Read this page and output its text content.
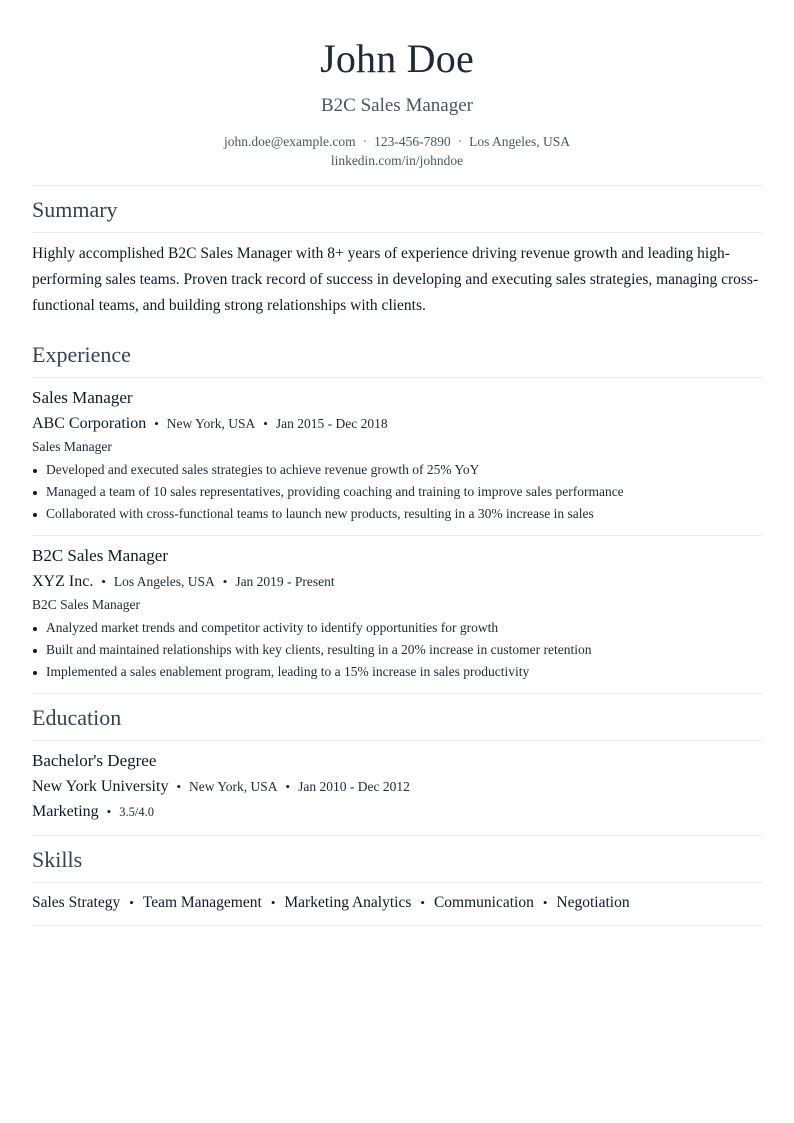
John Doe
B2C Sales Manager
john.doe@example.com · 123-456-7890 · Los Angeles, USA
linkedin.com/in/johndoe
Summary

Highly accomplished B2C Sales Manager with 8+ years of experience driving revenue growth and leading high-performing sales teams. Proven track record of success in developing and executing sales strategies, managing cross-functional teams, and building strong relationships with clients.

Experience
Sales Manager
ABC Corporation • New York, USA • Jan 2015 - Dec 2018
Sales Manager
Developed and executed sales strategies to achieve revenue growth of 25% YoY
Managed a team of 10 sales representatives, providing coaching and training to improve sales performance
Collaborated with cross-functional teams to launch new products, resulting in a 30% increase in sales
B2C Sales Manager
XYZ Inc. • Los Angeles, USA • Jan 2019 - Present
B2C Sales Manager
Analyzed market trends and competitor activity to identify opportunities for growth
Built and maintained relationships with key clients, resulting in a 20% increase in customer retention
Implemented a sales enablement program, leading to a 15% increase in sales productivity
Education
Bachelor's Degree
New York University • New York, USA • Jan 2010 - Dec 2012
Marketing • 3.5/4.0
Skills
Sales Strategy • Team Management • Marketing Analytics • Communication • Negotiation
